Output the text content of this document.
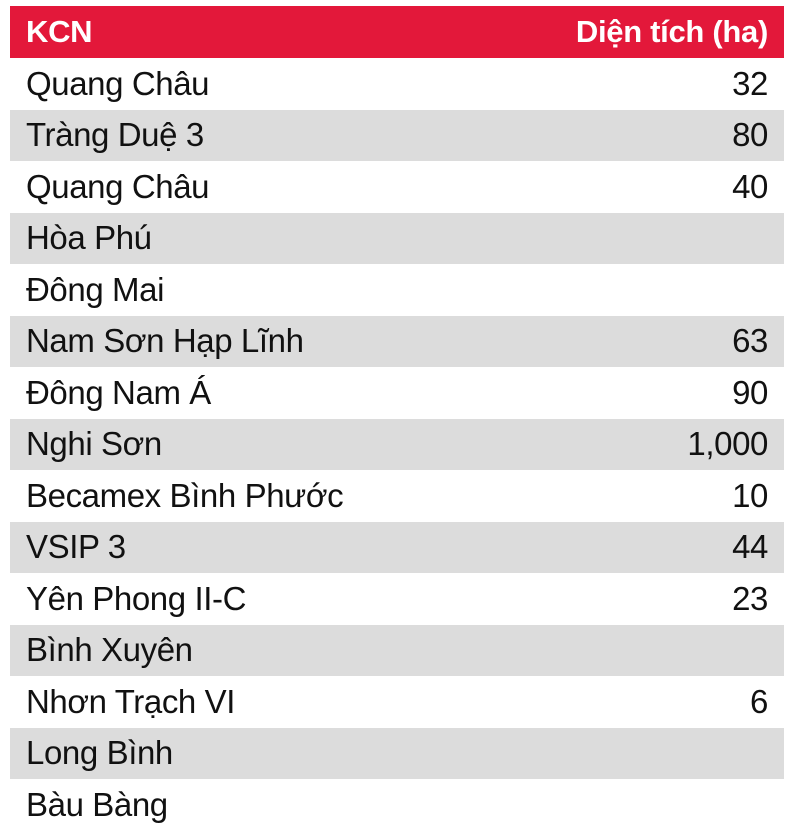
KCN	Diện tích (ha)
Quang Châu	32
Tràng Duệ 3	80
Quang Châu	40
Hòa Phú
Đông Mai
Nam Sơn Hạp Lĩnh	63
Đông Nam Á	90
Nghi Sơn	1,000
Becamex Bình Phước	10
VSIP 3	44
Yên Phong II-C	23
Bình Xuyên
Nhơn Trạch VI	6
Long Bình
Bàu Bàng
